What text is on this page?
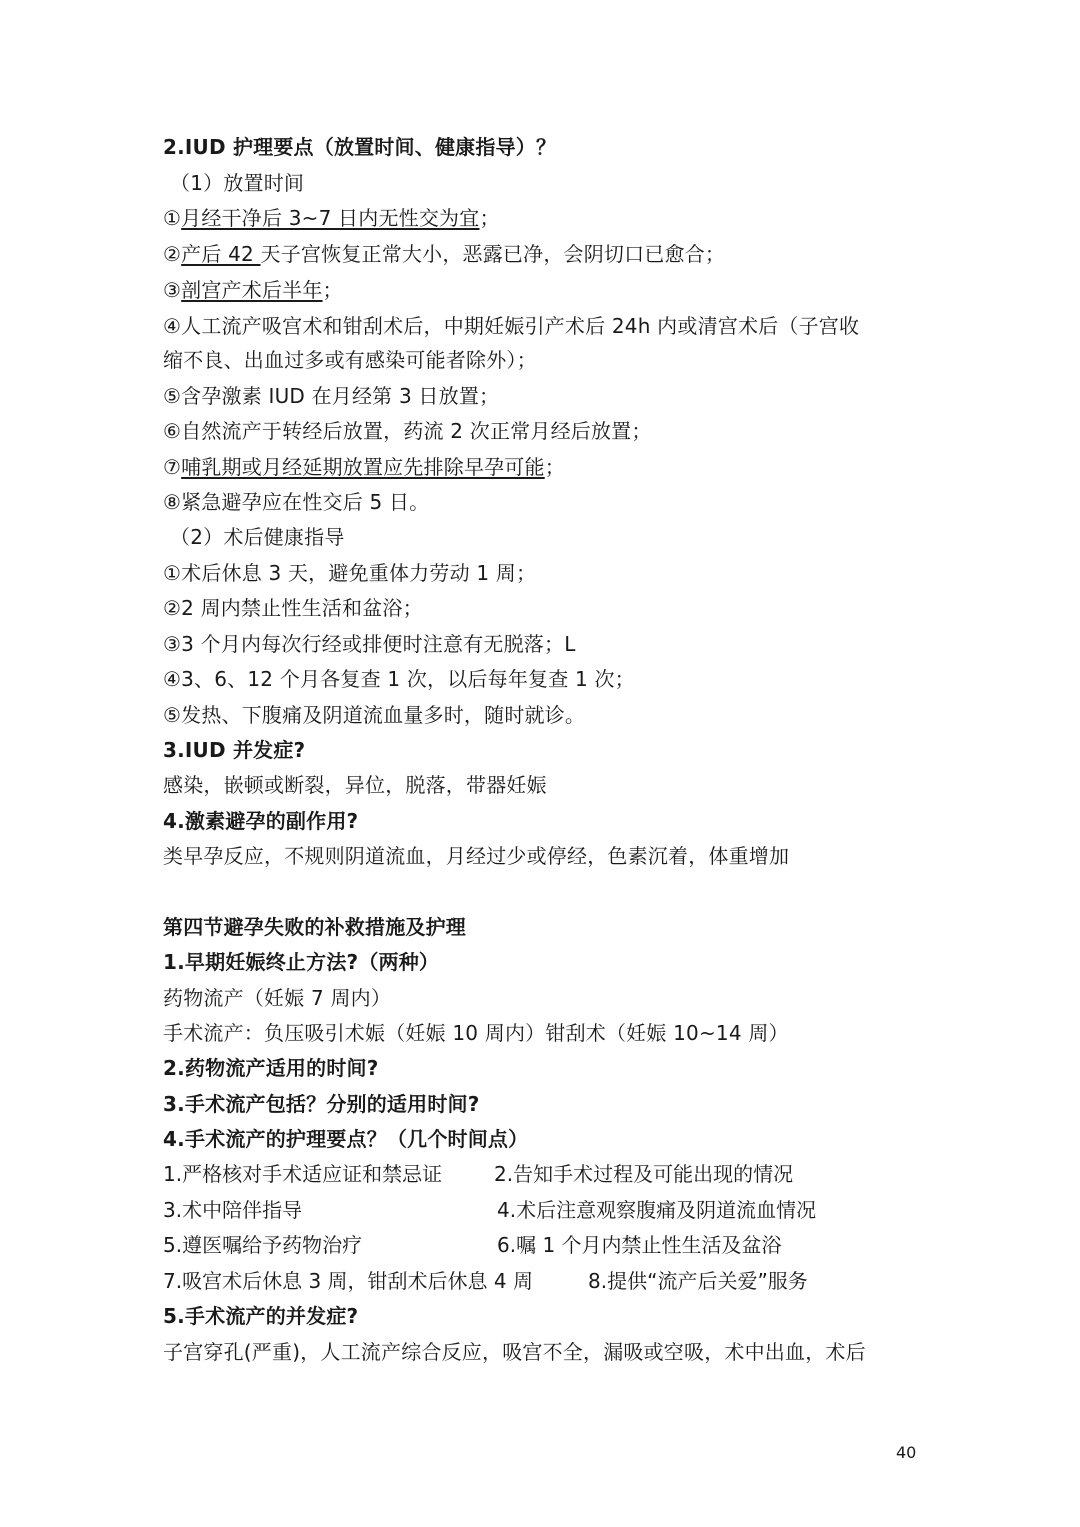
2.IUD 护理要点（放置时间、健康指导）？
（1）放置时间
①月经干净后 3~7 日内无性交为宜；
②产后 42 天子宫恢复正常大小，恶露已净，会阴切口已愈合；
③剖宫产术后半年；
④人工流产吸宫术和钳刮术后，中期妊娠引产术后 24h 内或清宫术后（子宫收
缩不良、出血过多或有感染可能者除外）；
⑤含孕激素 IUD 在月经第 3 日放置；
⑥自然流产于转经后放置，药流 2 次正常月经后放置；
⑦哺乳期或月经延期放置应先排除早孕可能；
⑧紧急避孕应在性交后 5 日。
（2）术后健康指导
①术后休息 3 天，避免重体力劳动 1 周；
②2 周内禁止性生活和盆浴；
③3 个月内每次行经或排便时注意有无脱落；L
④3、6、12 个月各复查 1 次，以后每年复查 1 次；
⑤发热、下腹痛及阴道流血量多时，随时就诊。
3.IUD 并发症?
感染，嵌顿或断裂，异位，脱落，带器妊娠
4.激素避孕的副作用?
类早孕反应，不规则阴道流血，月经过少或停经，色素沉着，体重增加
第四节避孕失败的补救措施及护理
1.早期妊娠终止方法?（两种）
药物流产（妊娠 7 周内）
手术流产：负压吸引术娠（妊娠 10 周内）钳刮术（妊娠 10~14 周）
2.药物流产适用的时间?
3.手术流产包括？分别的适用时间?
4.手术流产的护理要点？（几个时间点）
1.严格核对手术适应证和禁忌证	2.告知手术过程及可能出现的情况
3.术中陪伴指导	4.术后注意观察腹痛及阴道流血情况
5.遵医嘱给予药物治疗	6.嘱 1 个月内禁止性生活及盆浴
7.吸宫术后休息 3 周，钳刮术后休息 4 周	8.提供“流产后关爱”服务
5.手术流产的并发症?
子宫穿孔(严重)，人工流产综合反应，吸宫不全，漏吸或空吸，术中出血，术后
40
